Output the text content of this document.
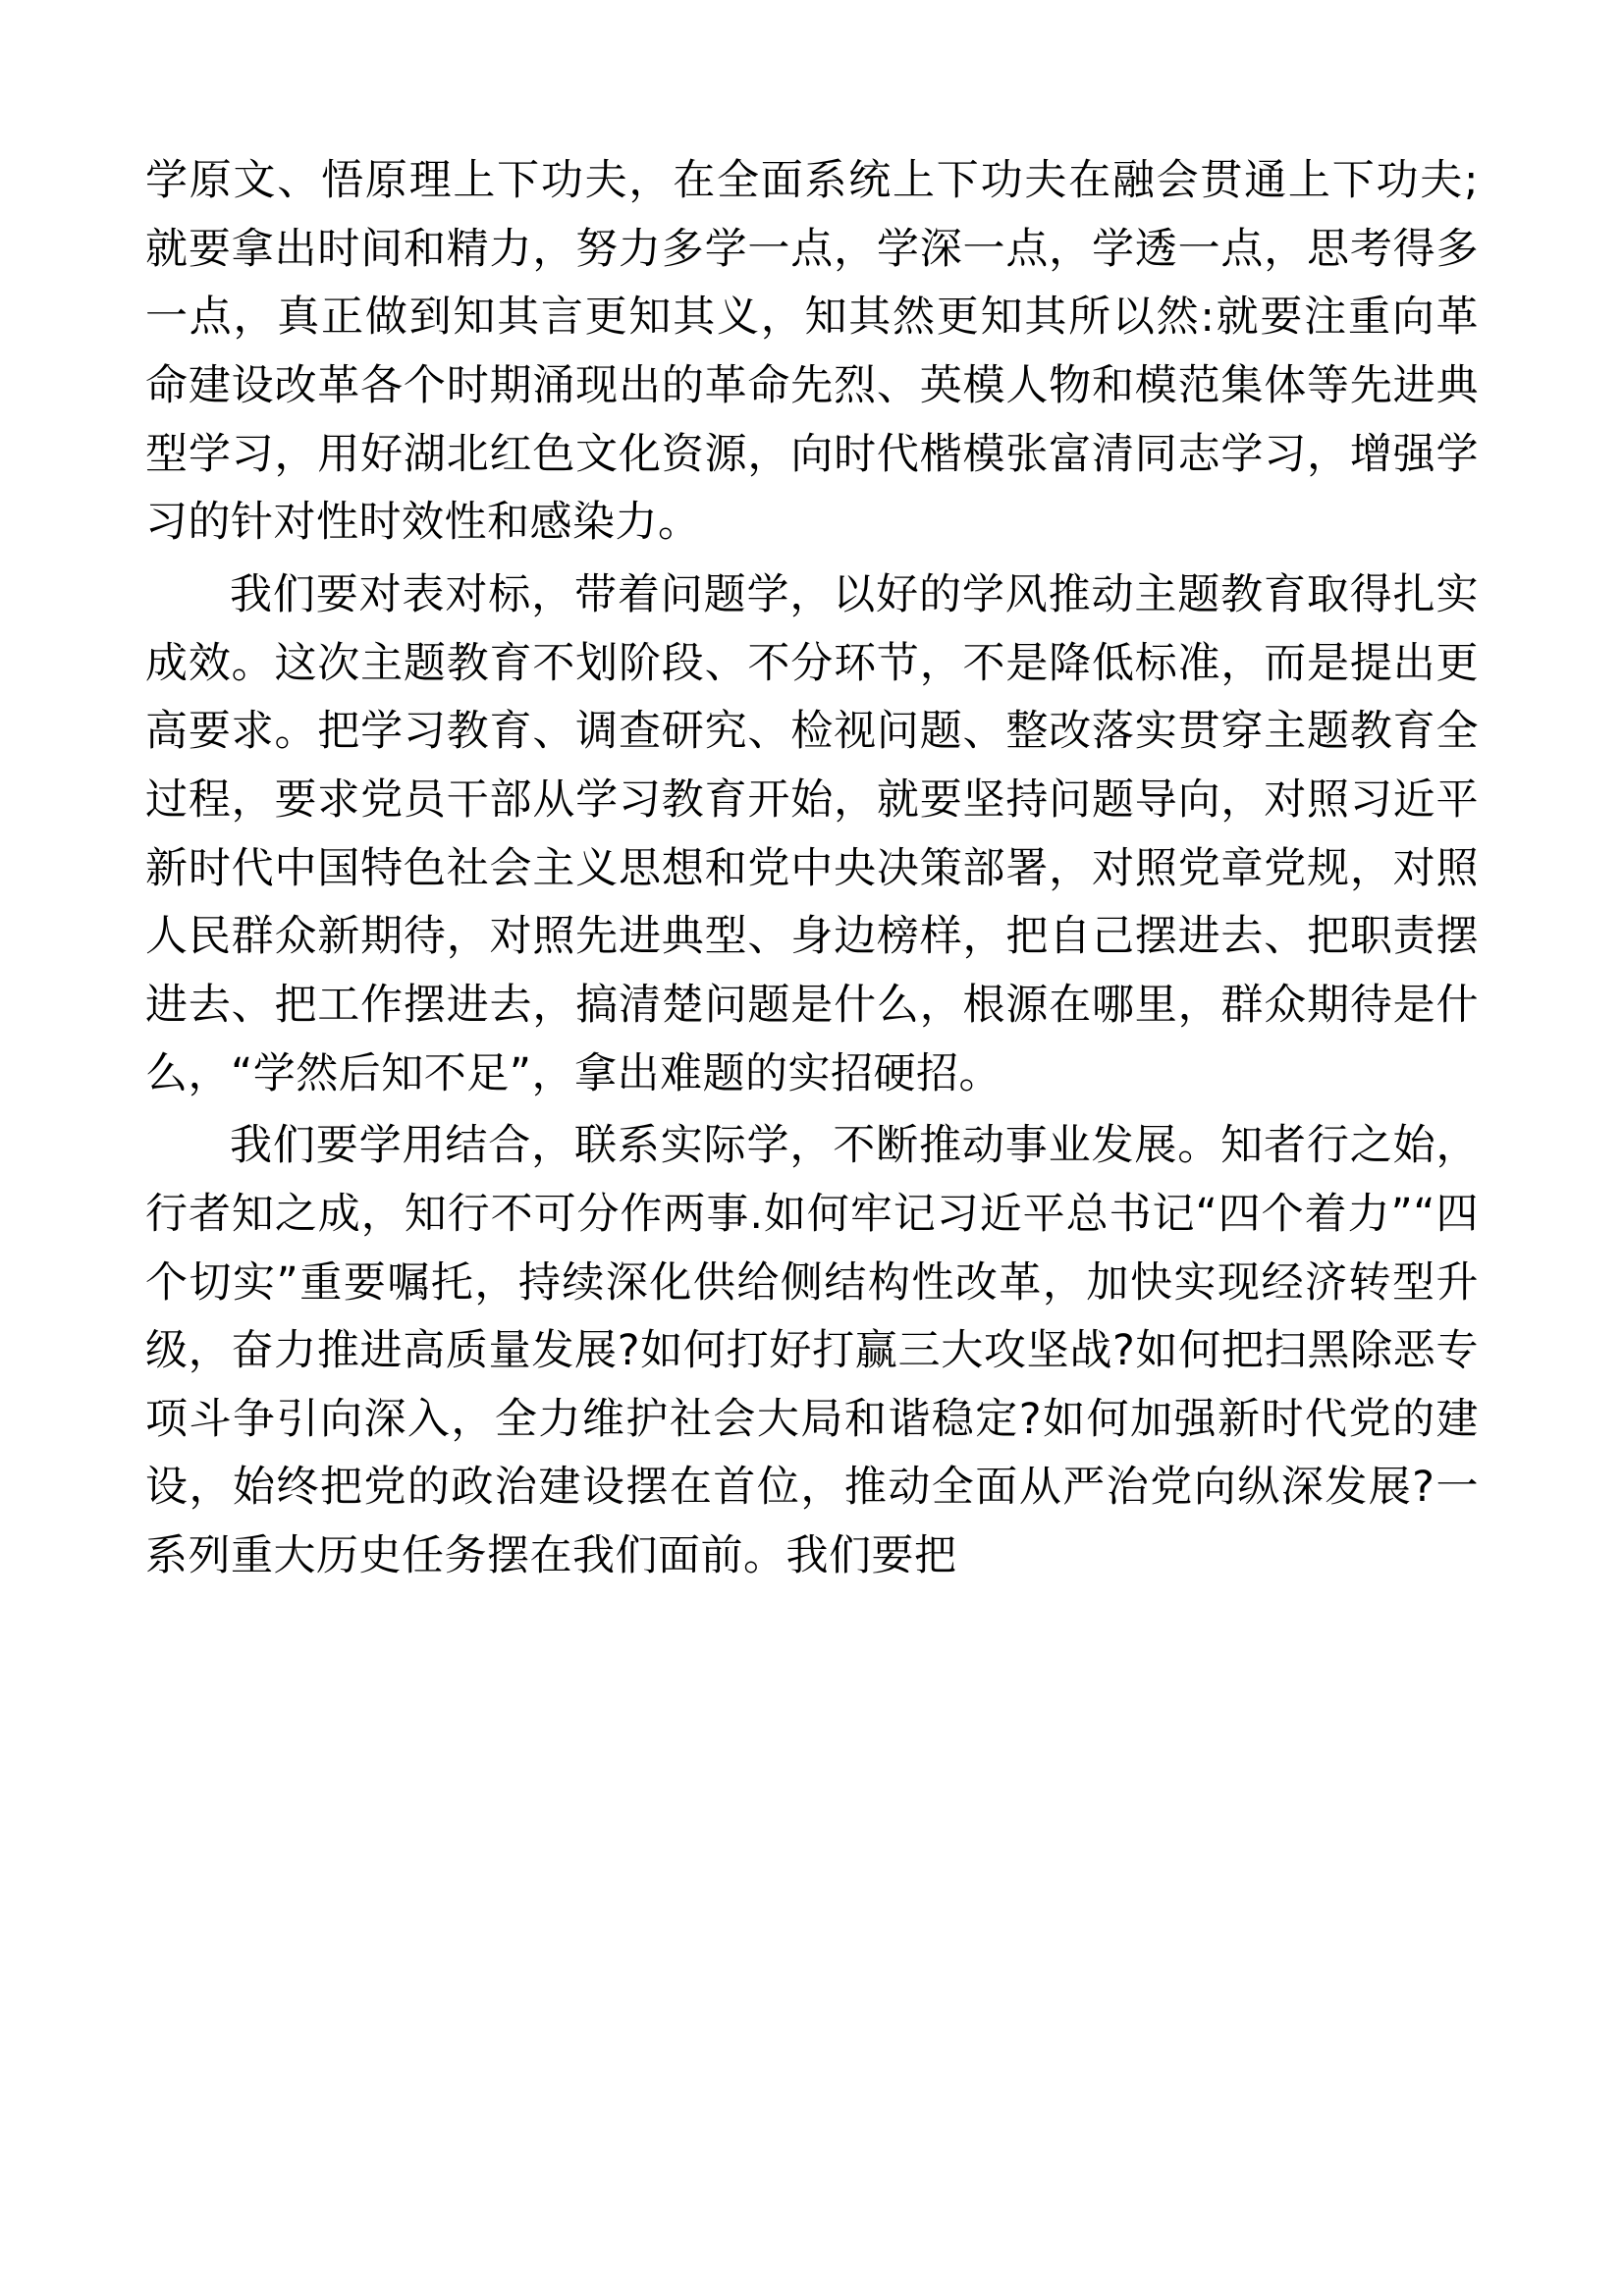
学原文、悟原理上下功夫，在全面系统上下功夫在融会贯通上下功夫;就要拿出时间和精力，努力多学一点，学深一点，学透一点，思考得多一点，真正做到知其言更知其义，知其然更知其所以然:就要注重向革命建设改革各个时期涌现出的革命先烈、英模人物和模范集体等先进典型学习，用好湖北红色文化资源，向时代楷模张富清同志学习，增强学习的针对性时效性和感染力。

我们要对表对标，带着问题学，以好的学风推动主题教育取得扎实成效。这次主题教育不划阶段、不分环节，不是降低标准，而是提出更高要求。把学习教育、调查研究、检视问题、整改落实贯穿主题教育全过程，要求党员干部从学习教育开始，就要坚持问题导向，对照习近平新时代中国特色社会主义思想和党中央决策部署，对照党章党规，对照人民群众新期待，对照先进典型、身边榜样，把自己摆进去、把职责摆进去、把工作摆进去，搞清楚问题是什么，根源在哪里，群众期待是什么，“学然后知不足”，拿出难题的实招硬招。

我们要学用结合，联系实际学，不断推动事业发展。知者行之始，行者知之成，知行不可分作两事.如何牢记习近平总书记“四个着力”“四个切实”重要嘱托，持续深化供给侧结构性改革，加快实现经济转型升级，奋力推进高质量发展?如何打好打赢三大攻坚战?如何把扫黑除恶专项斗争引向深入，全力维护社会大局和谐稳定?如何加强新时代党的建设，始终把党的政治建设摆在首位，推动全面从严治党向纵深发展?一系列重大历史任务摆在我们面前。我们要把
